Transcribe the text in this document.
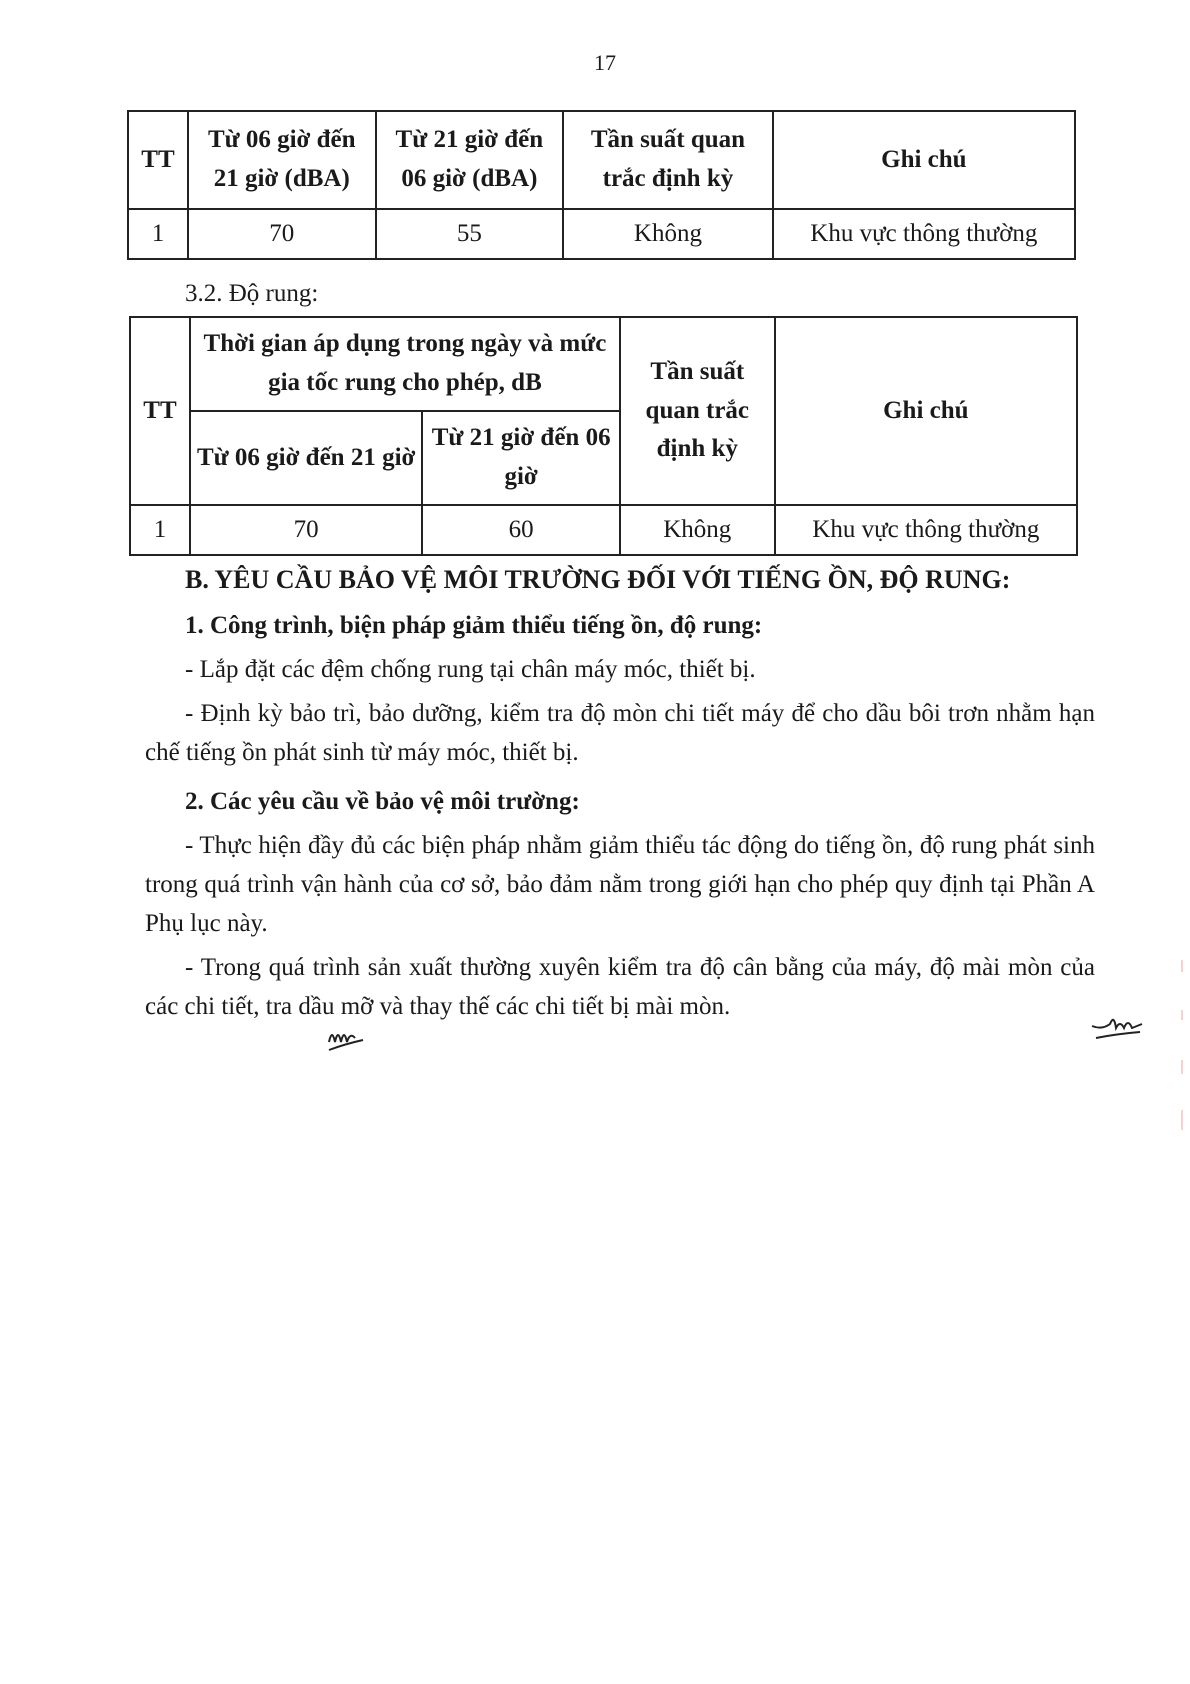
17
TT	Từ 06 giờ đến 21 giờ (dBA)	Từ 21 giờ đến 06 giờ (dBA)	Tần suất quan trắc định kỳ	Ghi chú
1	70	55	Không	Khu vực thông thường
3.2. Độ rung:
TT	Thời gian áp dụng trong ngày và mức gia tốc rung cho phép, dB		Tần suất quan trắc định kỳ	Ghi chú
	Từ 06 giờ đến 21 giờ	Từ 21 giờ đến 06 giờ		
1	70	60	Không	Khu vực thông thường
B. YÊU CẦU BẢO VỆ MÔI TRƯỜNG ĐỐI VỚI TIẾNG ỒN, ĐỘ RUNG:
1. Công trình, biện pháp giảm thiểu tiếng ồn, độ rung:
- Lắp đặt các đệm chống rung tại chân máy móc, thiết bị.
- Định kỳ bảo trì, bảo dưỡng, kiểm tra độ mòn chi tiết máy để cho dầu bôi trơn nhằm hạn chế tiếng ồn phát sinh từ máy móc, thiết bị.
2. Các yêu cầu về bảo vệ môi trường:
- Thực hiện đầy đủ các biện pháp nhằm giảm thiểu tác động do tiếng ồn, độ rung phát sinh trong quá trình vận hành của cơ sở, bảo đảm nằm trong giới hạn cho phép quy định tại Phần A Phụ lục này.
- Trong quá trình sản xuất thường xuyên kiểm tra độ cân bằng của máy, độ mài mòn của các chi tiết, tra dầu mỡ và thay thế các chi tiết bị mài mòn.
